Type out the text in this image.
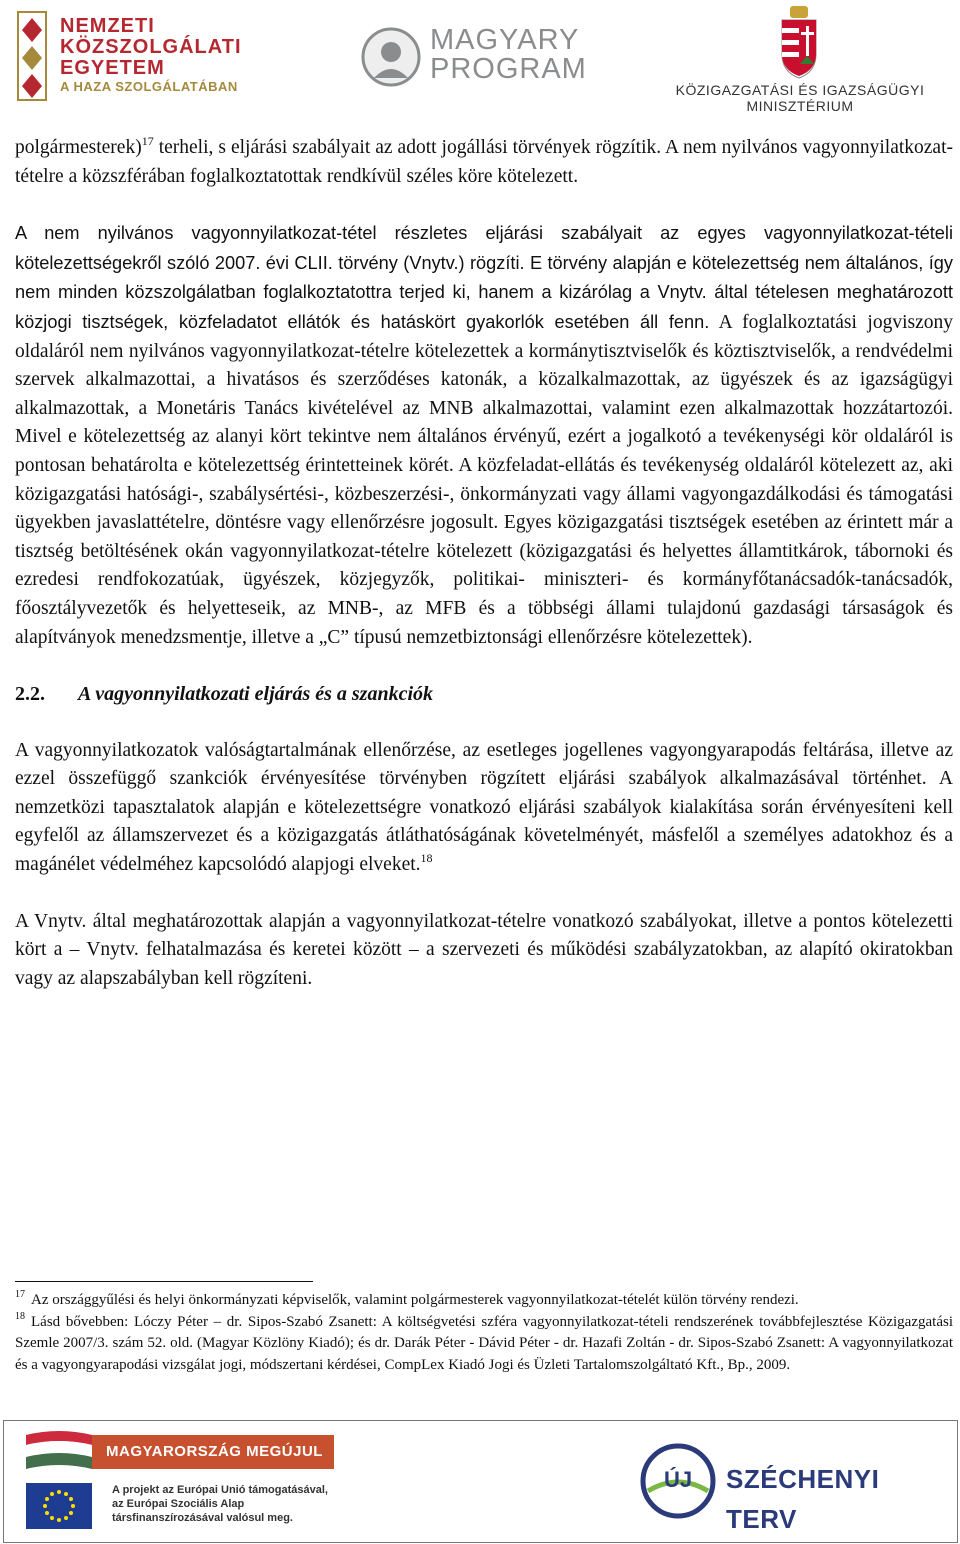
NEMZETI
KÖZSZOLGÁLATI
EGYETEM
A HAZA SZOLGÁLATÁBAN
MAGYARY
PROGRAM
KÖZIGAZGATÁSI ÉS IGAZSÁGÜGYI
MINISZTÉRIUM

polgármesterek)$^{17}$ terheli, s eljárási szabályait az adott jogállási törvények rögzítik. A nem nyilvános vagyonnyilatkozat-tételre a közszférában foglalkoztatottak rendkívül széles köre kötelezett.

A nem nyilvános vagyonnyilatkozat-tétel részletes eljárási szabályait az egyes vagyonnyilatkozat-tételi kötelezettségekről szóló 2007. évi CLII. törvény (Vnytv.) rögzíti. E törvény alapján e kötelezettség nem általános, így nem minden közszolgálatban foglalkoztatottra terjed ki, hanem a kizárólag a Vnytv. által tételesen meghatározott közjogi tisztségek, közfeladatot ellátók és hatáskört gyakorlók esetében áll fenn. A foglalkoztatási jogviszony oldaláról nem nyilvános vagyonnyilatkozat-tételre kötelezettek a kormánytisztviselők és köztisztviselők, a rendvédelmi szervek alkalmazottai, a hivatásos és szerződéses katonák, a közalkalmazottak, az ügyészek és az igazságügyi alkalmazottak, a Monetáris Tanács kivételével az MNB alkalmazottai, valamint ezen alkalmazottak hozzátartozói. Mivel e kötelezettség az alanyi kört tekintve nem általános érvényű, ezért a jogalkotó a tevékenységi kör oldaláról is pontosan behatárolta e kötelezettség érintetteinek körét. A közfeladat-ellátás és tevékenység oldaláról kötelezett az, aki közigazgatási hatósági-, szabálysértési-, közbeszerzési-, önkormányzati vagy állami vagyongazdálkodási és támogatási ügyekben javaslattételre, döntésre vagy ellenőrzésre jogosult. Egyes közigazgatási tisztségek esetében az érintett már a tisztség betöltésének okán vagyonnyilatkozat-tételre kötelezett (közigazgatási és helyettes államtitkárok, tábornoki és ezredesi rendfokozatúak, ügyészek, közjegyzők, politikai- miniszteri- és kormányfőtanácsadók-tanácsadók, főosztályvezetők és helyetteseik, az MNB-, az MFB és a többségi állami tulajdonú gazdasági társaságok és alapítványok menedzsmentje, illetve a „C” típusú nemzetbiztonsági ellenőrzésre kötelezettek).

2.2. A vagyonnyilatkozati eljárás és a szankciók

A vagyonnyilatkozatok valóságtartalmának ellenőrzése, az esetleges jogellenes vagyongyarapodás feltárása, illetve az ezzel összefüggő szankciók érvényesítése törvényben rögzített eljárási szabályok alkalmazásával történhet. A nemzetközi tapasztalatok alapján e kötelezettségre vonatkozó eljárási szabályok kialakítása során érvényesíteni kell egyfelől az államszervezet és a közigazgatás átláthatóságának követelményét, másfelől a személyes adatokhoz és a magánélet védelméhez kapcsolódó alapjogi elveket.$^{18}$

A Vnytv. által meghatározottak alapján a vagyonnyilatkozat-tételre vonatkozó szabályokat, illetve a pontos kötelezetti kört a – Vnytv. felhatalmazása és keretei között – a szervezeti és működési szabályzatokban, az alapító okiratokban vagy az alapszabályban kell rögzíteni.

$^{17}$ Az országgyűlési és helyi önkormányzati képviselők, valamint polgármesterek vagyonnyilatkozat-tételét külön törvény rendezi.

$^{18}$ Lásd bővebben: Lóczy Péter – dr. Sipos-Szabó Zsanett: A költségvetési szféra vagyonnyilatkozat-tételi rendszerének továbbfejlesztése Közigazgatási Szemle 2007/3. szám 52. old. (Magyar Közlöny Kiadó); és dr. Darák Péter - Dávid Péter - dr. Hazafi Zoltán - dr. Sipos-Szabó Zsanett: A vagyonnyilatkozat és a vagyongyarapodási vizsgálat jogi, módszertani kérdései, CompLex Kiadó Jogi és Üzleti Tartalomszolgáltató Kft., Bp., 2009.

MAGYARORSZÁG MEGÚJUL
A projekt az Európai Unió támogatásával,
az Európai Szociális Alap
társfinanszírozásával valósul meg.
ÚJ SZÉCHENYI TERV
